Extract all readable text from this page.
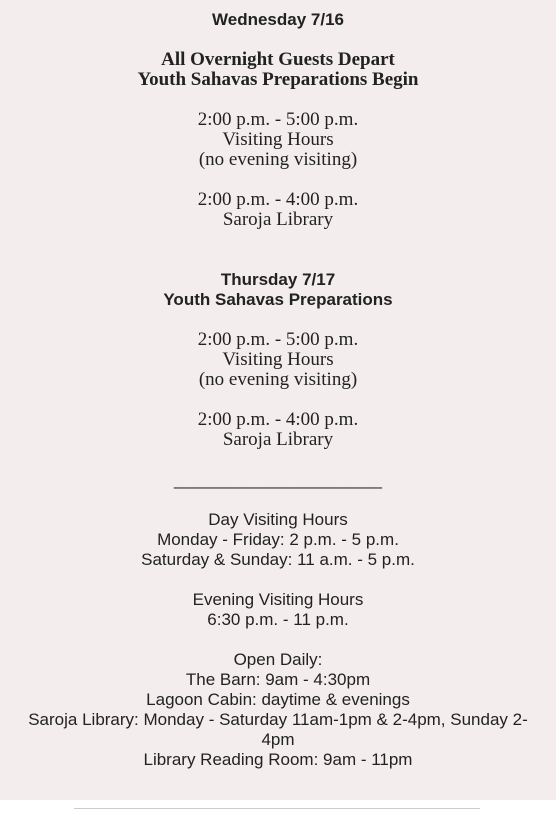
Wednesday 7/16
All Overnight Guests Depart
Youth Sahavas Preparations Begin
2:00 p.m. - 5:00 p.m.
Visiting Hours
(no evening visiting)
2:00 p.m. - 4:00 p.m.
Saroja Library
Thursday 7/17
Youth Sahavas Preparations
2:00 p.m. - 5:00 p.m.
Visiting Hours
(no evening visiting)
2:00 p.m. - 4:00 p.m.
Saroja Library
______________________
Day Visiting Hours
Monday - Friday: 2 p.m. - 5 p.m.
Saturday & Sunday: 11 a.m. - 5 p.m.
Evening Visiting Hours
6:30 p.m. - 11 p.m.
Open Daily:
The Barn: 9am - 4:30pm
Lagoon Cabin: daytime & evenings
Saroja Library: Monday - Saturday 11am-1pm & 2-4pm, Sunday 2-4pm
Library Reading Room: 9am - 11pm
